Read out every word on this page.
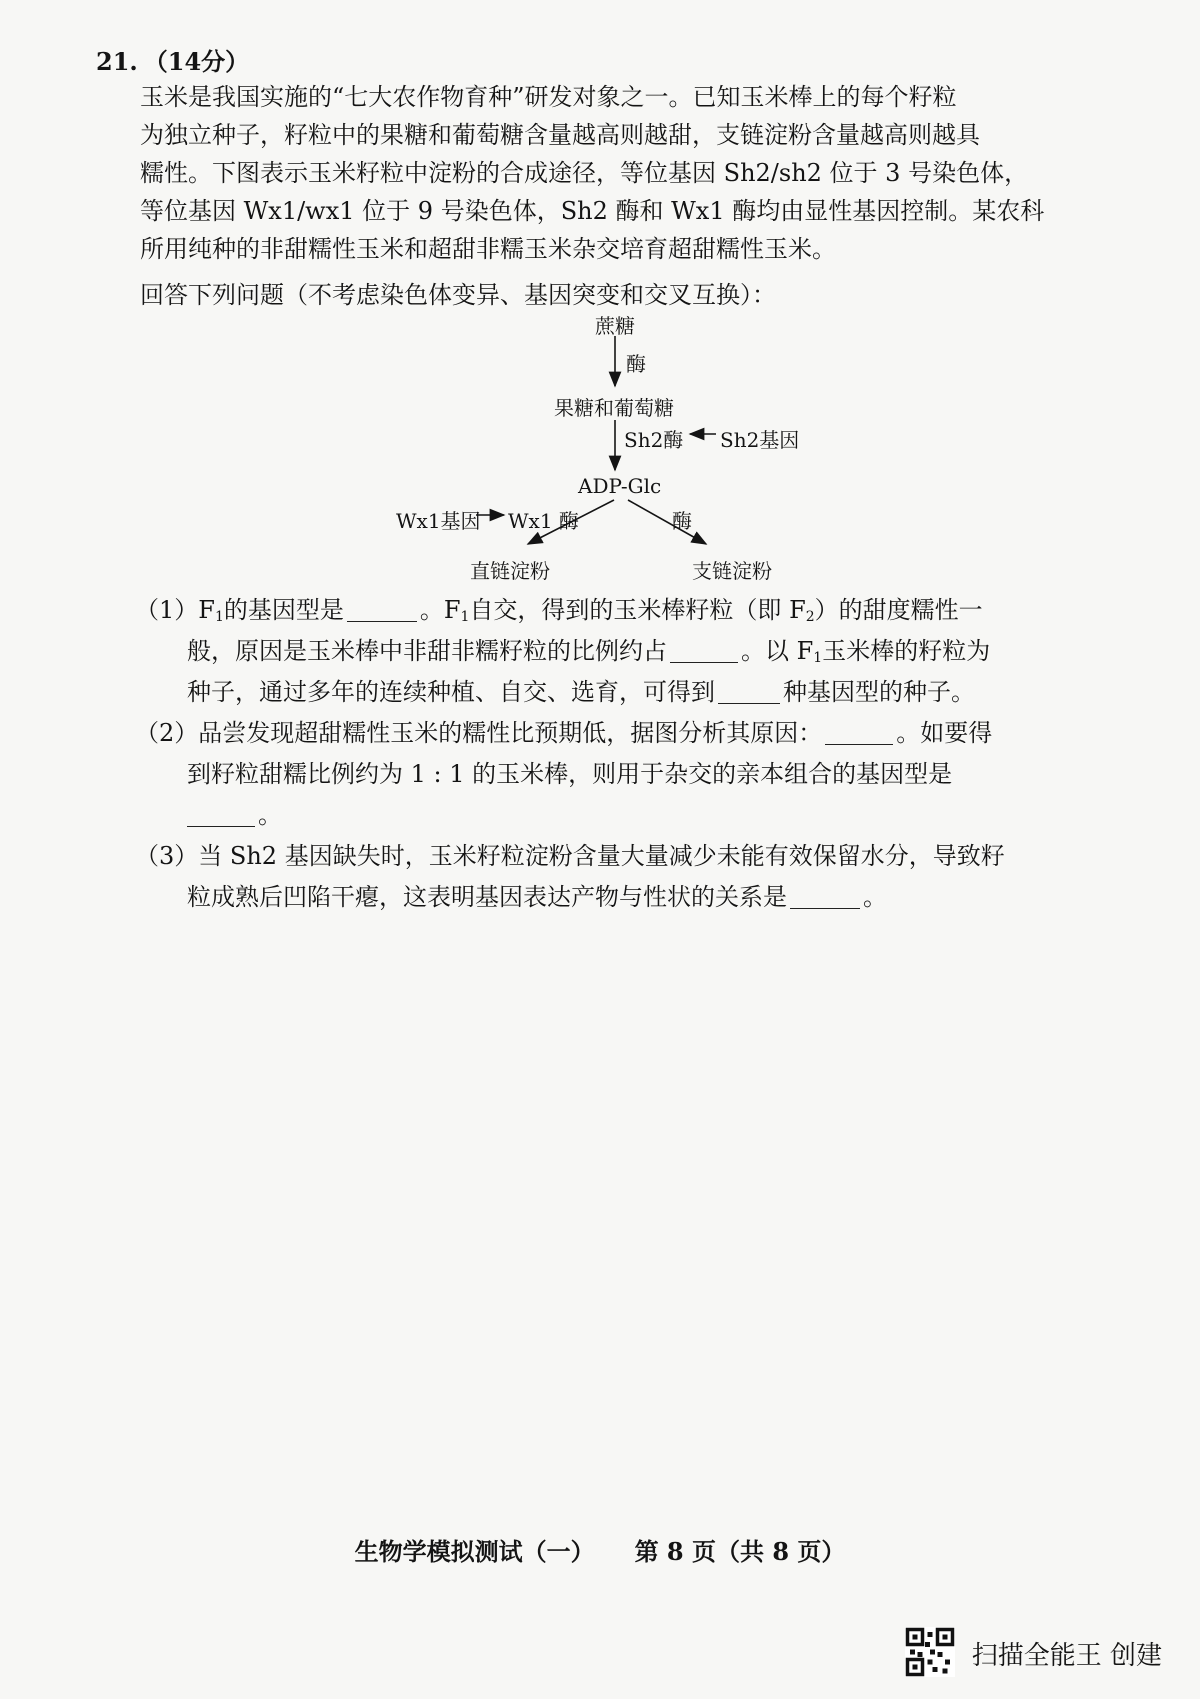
21. （14分）
玉米是我国实施的“七大农作物育种”研发对象之一。已知玉米棒上的每个籽粒
为独立种子，籽粒中的果糖和葡萄糖含量越高则越甜，支链淀粉含量越高则越具
糯性。下图表示玉米籽粒中淀粉的合成途径，等位基因 Sh2/sh2 位于 3 号染色体，
等位基因 Wx1/wx1 位于 9 号染色体，Sh2 酶和 Wx1 酶均由显性基因控制。某农科
所用纯种的非甜糯性玉米和超甜非糯玉米杂交培育超甜糯性玉米。
回答下列问题（不考虑染色体变异、基因突变和交叉互换）：
蔗糖
酶
果糖和葡萄糖
Sh2酶 Sh2基因
ADP-Glc
Wx1基因 Wx1 酶	酶
直链淀粉	支链淀粉
$(1)F_1$的基因型是	。$F_1$自交，得到的玉米棒籽粒（即 $F_2$）的甜度糯性一
般，原因是玉米棒中非甜非糯籽粒的比例约占	。以 $F_1$玉米棒的籽粒为
种子，通过多年的连续种植、自交、选育，可得到	种基因型的种子。
（2）品尝发现超甜糯性玉米的糯性比预期低，据图分析其原因：	。如要得
到籽粒甜糯比例约为 1 : 1 的玉米棒，则用于杂交的亲本组合的基因型是
。
（3）当 Sh2 基因缺失时，玉米籽粒淀粉含量大量减少未能有效保留水分，导致籽
粒成熟后凹陷干瘪，这表明基因表达产物与性状的关系是	。
生物学模拟测试（一） 第 8 页（共 8 页）
扫描全能王 创建
